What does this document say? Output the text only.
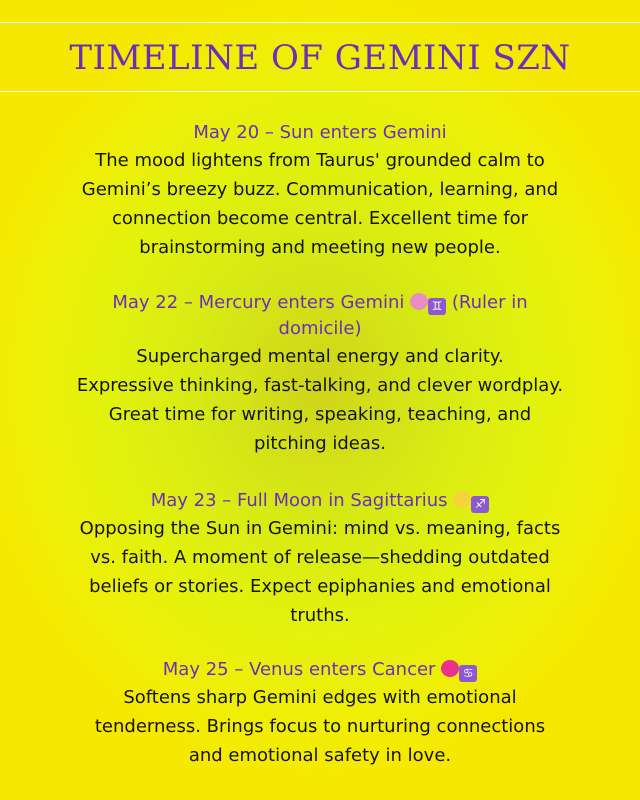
TIMELINE OF GEMINI SZN

May 20 – Sun enters Gemini

The mood lightens from Taurus' grounded calm to
Gemini’s breezy buzz. Communication, learning, and
connection become central. Excellent time for
brainstorming and meeting new people.

May 22 – Mercury enters Gemini ♊ (Ruler in
domicile)

Supercharged mental energy and clarity.
Expressive thinking, fast-talking, and clever wordplay.
Great time for writing, speaking, teaching, and
pitching ideas.

May 23 – Full Moon in Sagittarius ♐

Opposing the Sun in Gemini: mind vs. meaning, facts
vs. faith. A moment of release—shedding outdated
beliefs or stories. Expect epiphanies and emotional
truths.

May 25 – Venus enters Cancer ♋

Softens sharp Gemini edges with emotional
tenderness. Brings focus to nurturing connections
and emotional safety in love.
